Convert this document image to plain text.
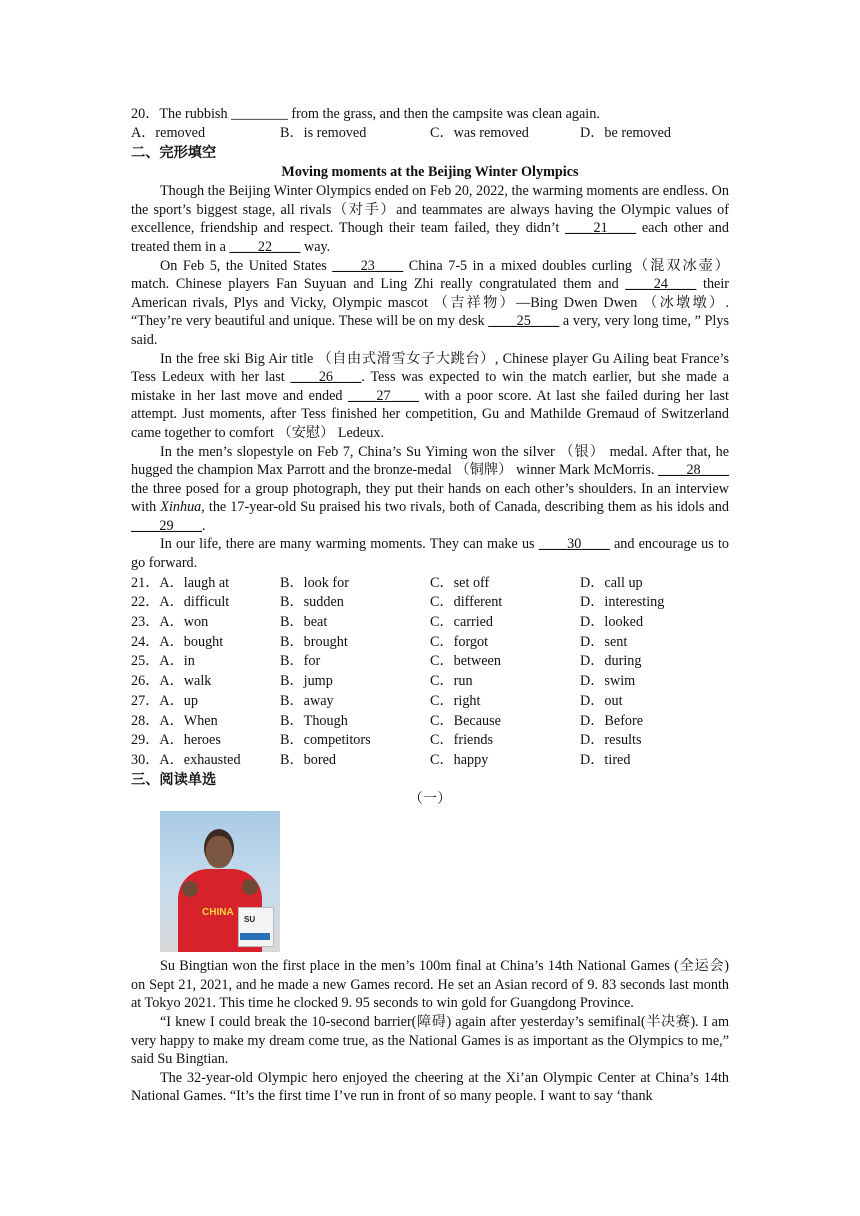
20．The rubbish ________ from the grass, and then the campsite was clean again.
A．removed	B．is removed	C．was removed	D．be removed
二、完形填空
Moving moments at the Beijing Winter Olympics
Though the Beijing Winter Olympics ended on Feb 20, 2022, the warming moments are endless. On the sport’s biggest stage, all rivals（对手）and teammates are always having the Olympic values of excellence, friendship and respect. Though their team failed, they didn’t ____21____ each other and treated them in a ____22____ way.
On Feb 5, the United States ____23____ China 7-5 in a mixed doubles curling（混双冰壶）match. Chinese players Fan Suyuan and Ling Zhi really congratulated them and ____24____ their American rivals, Plys and Vicky, Olympic mascot （吉祥物）—Bing Dwen Dwen （冰墩墩）. “They’re very beautiful and unique. These will be on my desk ____25____ a very, very long time, ” Plys said.
In the free ski Big Air title （自由式滑雪女子大跳台）, Chinese player Gu Ailing beat France’s Tess Ledeux with her last ____26____. Tess was expected to win the match earlier, but she made a mistake in her last move and ended ____27____ with a poor score. At last she failed during her last attempt. Just moments, after Tess finished her competition, Gu and Mathilde Gremaud of Switzerland came together to comfort （安慰） Ledeux.
In the men’s slopestyle on Feb 7, China’s Su Yiming won the silver （银） medal. After that, he hugged the champion Max Parrott and the bronze-medal （铜牌） winner Mark McMorris. ____28____ the three posed for a group photograph, they put their hands on each other’s shoulders. In an interview with Xinhua, the 17-year-old Su praised his two rivals, both of Canada, describing them as his idols and ____29____.
In our life, there are many warming moments. They can make us ____30____ and encourage us to go forward.
21．A．laugh at	B．look for	C．set off	D．call up
22．A．difficult	B．sudden	C．different	D．interesting
23．A．won	B．beat	C．carried	D．looked
24．A．bought	B．brought	C．forgot	D．sent
25．A．in	B．for	C．between	D．during
26．A．walk	B．jump	C．run	D．swim
27．A．up	B．away	C．right	D．out
28．A．When	B．Though	C．Because	D．Before
29．A．heroes	B．competitors	C．friends	D．results
30．A．exhausted	B．bored	C．happy	D．tired
三、阅读单选
（一）
CHINA
SU
Su Bingtian won the first place in the men’s 100m final at China’s 14th National Games (全运会) on Sept 21, 2021, and he made a new Games record. He set an Asian record of 9. 83 seconds last month at Tokyo 2021. This time he clocked 9. 95 seconds to win gold for Guangdong Province.
“I knew I could break the 10-second barrier(障碍) again after yesterday’s semifinal(半决赛). I am very happy to make my dream come true, as the National Games is as important as the Olympics to me,” said Su Bingtian.
The 32-year-old Olympic hero enjoyed the cheering at the Xi’an Olympic Center at China’s 14th National Games. “It’s the first time I’ve run in front of so many people. I want to say ‘thank
